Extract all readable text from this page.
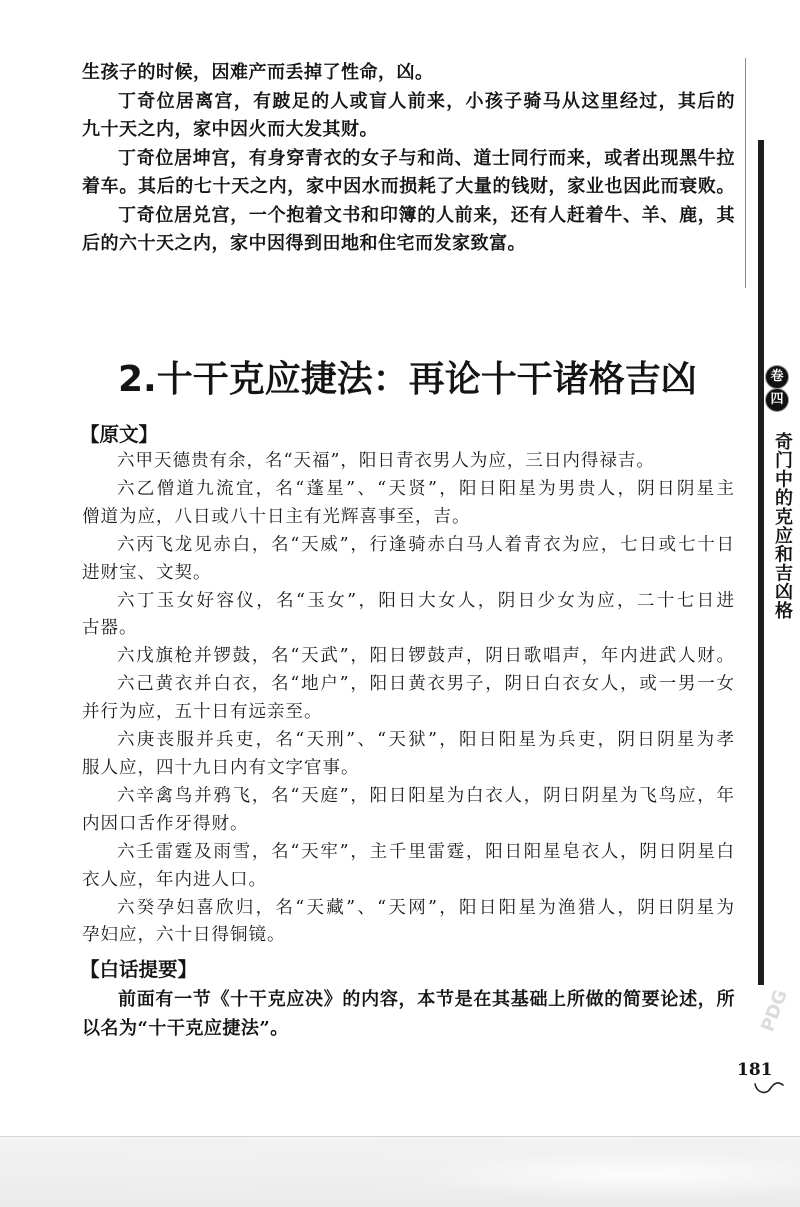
生孩子的时候，因难产而丢掉了性命，凶。
丁奇位居离宫，有跛足的人或盲人前来，小孩子骑马从这里经过，其后的
九十天之内，家中因火而大发其财。
丁奇位居坤宫，有身穿青衣的女子与和尚、道士同行而来，或者出现黑牛拉
着车。其后的七十天之内，家中因水而损耗了大量的钱财，家业也因此而衰败。
丁奇位居兑宫，一个抱着文书和印簿的人前来，还有人赶着牛、羊、鹿，其
后的六十天之内，家中因得到田地和住宅而发家致富。
2.十干克应捷法：再论十干诸格吉凶
【原文】
六甲天德贵有余，名“天福”，阳日青衣男人为应，三日内得禄吉。
六乙僧道九流宜，名“蓬星”、“天贤”，阳日阳星为男贵人，阴日阴星主
僧道为应，八日或八十日主有光辉喜事至，吉。
六丙飞龙见赤白，名“天威”，行逢骑赤白马人着青衣为应，七日或七十日
进财宝、文契。
六丁玉女好容仪，名“玉女”，阳日大女人，阴日少女为应，二十七日进
古器。
六戊旗枪并锣鼓，名“天武”，阳日锣鼓声，阴日歌唱声，年内进武人财。
六己黄衣并白衣，名“地户”，阳日黄衣男子，阴日白衣女人，或一男一女
并行为应，五十日有远亲至。
六庚丧服并兵吏，名“天刑”、“天狱”，阳日阳星为兵吏，阴日阴星为孝
服人应，四十九日内有文字官事。
六辛禽鸟并鸦飞，名“天庭”，阳日阳星为白衣人，阴日阴星为飞鸟应，年
内因口舌作牙得财。
六壬雷霆及雨雪，名“天牢”，主千里雷霆，阳日阳星皂衣人，阴日阴星白
衣人应，年内进人口。
六癸孕妇喜欣归，名“天藏”、“天网”，阳日阳星为渔猎人，阴日阴星为
孕妇应，六十日得铜镜。
【白话提要】
前面有一节《十干克应决》的内容，本节是在其基础上所做的简要论述，所
以名为“十干克应捷法”。
卷
四
奇门中的克应和吉凶格
PDG
181
